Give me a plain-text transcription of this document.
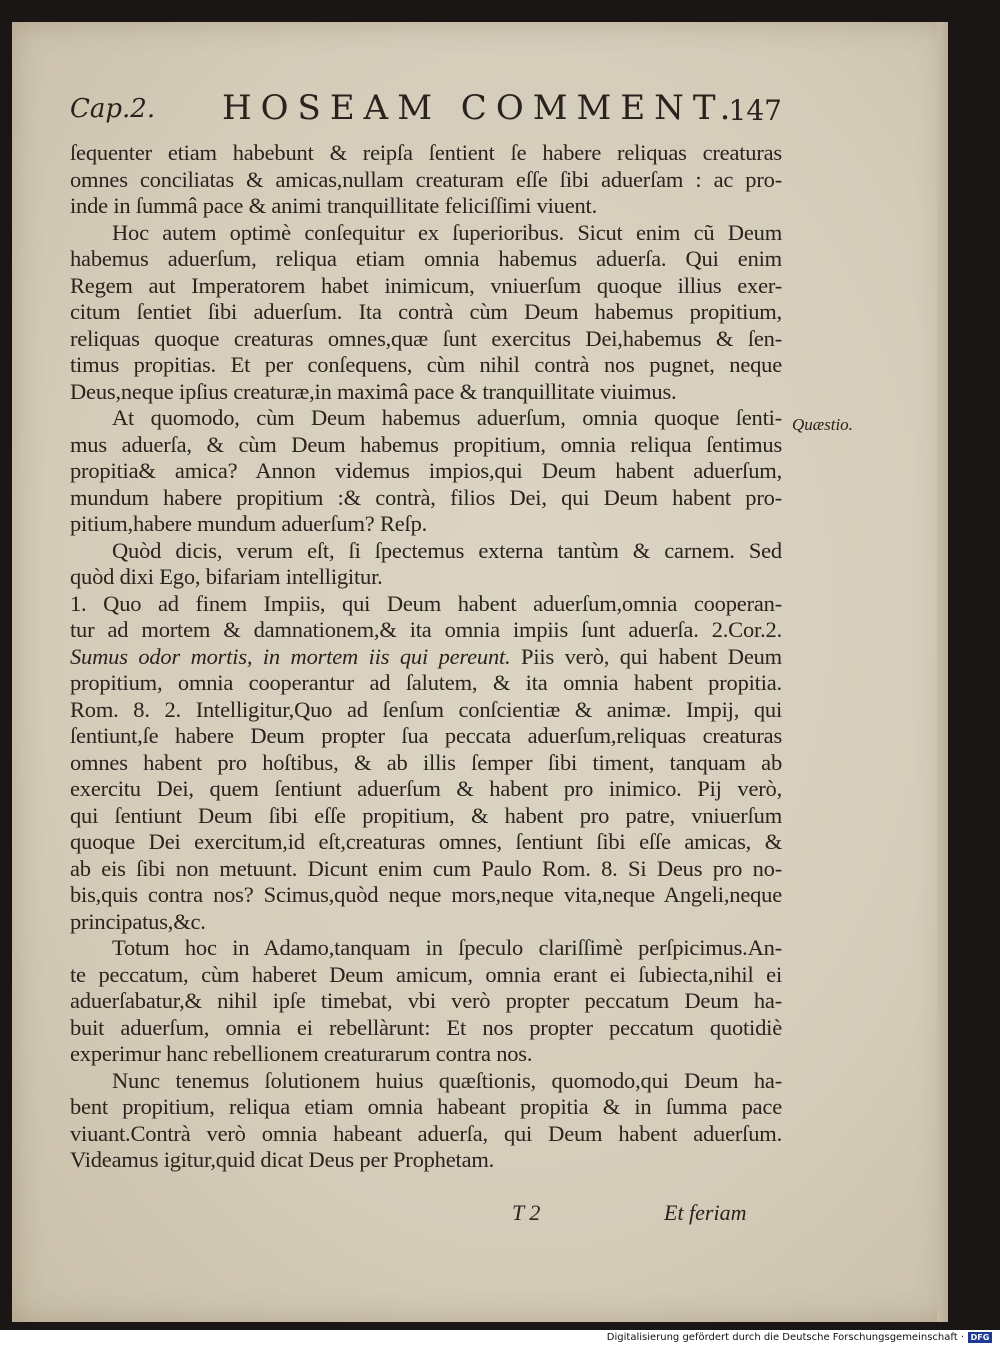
Cap.2. HOSEAM COMMENT.
147
ſequenter etiam habebunt & reipſa ſentient ſe habere reliquas creaturas
omnes conciliatas & amicas,nullam creaturam eſſe ſibi aduerſam : ac pro-
inde in ſummâ pace & animi tranquillitate feliciſſimi viuent.
Hoc autem optimè conſequitur ex ſuperioribus. Sicut enim cũ Deum
habemus aduerſum, reliqua etiam omnia habemus aduerſa. Qui enim
Regem aut Imperatorem habet inimicum, vniuerſum quoque illius exer-
citum ſentiet ſibi aduerſum. Ita contrà cùm Deum habemus propitium,
reliquas quoque creaturas omnes,quæ ſunt exercitus Dei,habemus & ſen-
timus propitias. Et per conſequens, cùm nihil contrà nos pugnet, neque
Deus,neque ipſius creaturæ,in maximâ pace & tranquillitate viuimus.
At quomodo, cùm Deum habemus aduerſum, omnia quoque ſenti-
mus aduerſa, & cùm Deum habemus propitium, omnia reliqua ſentimus
propitia& amica? Annon videmus impios,qui Deum habent aduerſum,
mundum habere propitium :& contrà, filios Dei, qui Deum habent pro-
pitium,habere mundum aduerſum? Reſp.
Quòd dicis, verum eſt, ſi ſpectemus externa tantùm & carnem. Sed
quòd dixi Ego, bifariam intelligitur.
1. Quo ad finem Impiis, qui Deum habent aduerſum,omnia cooperan-
tur ad mortem & damnationem,& ita omnia impiis ſunt aduerſa. 2.Cor.2.
Sumus odor mortis, in mortem iis qui pereunt. Piis verò, qui habent Deum
propitium, omnia cooperantur ad ſalutem, & ita omnia habent propitia.
Rom. 8. 2. Intelligitur,Quo ad ſenſum conſcientiæ & animæ. Impij, qui
ſentiunt,ſe habere Deum propter ſua peccata aduerſum,reliquas creaturas
omnes habent pro hoſtibus, & ab illis ſemper ſibi timent, tanquam ab
exercitu Dei, quem ſentiunt aduerſum & habent pro inimico. Pij verò,
qui ſentiunt Deum ſibi eſſe propitium, & habent pro patre, vniuerſum
quoque Dei exercitum,id eſt,creaturas omnes, ſentiunt ſibi eſſe amicas, &
ab eis ſibi non metuunt. Dicunt enim cum Paulo Rom. 8. Si Deus pro no-
bis,quis contra nos? Scimus,quòd neque mors,neque vita,neque Angeli,neque
principatus,&c.
Totum hoc in Adamo,tanquam in ſpeculo clariſſimè perſpicimus.An-
te peccatum, cùm haberet Deum amicum, omnia erant ei ſubiecta,nihil ei
aduerſabatur,& nihil ipſe timebat, vbi verò propter peccatum Deum ha-
buit aduerſum, omnia ei rebellàrunt: Et nos propter peccatum quotidiè
experimur hanc rebellionem creaturarum contra nos.
Nunc tenemus ſolutionem huius quæſtionis, quomodo,qui Deum ha-
bent propitium, reliqua etiam omnia habeant propitia & in ſumma pace
viuant.Contrà verò omnia habeant aduerſa, qui Deum habent aduerſum.
Videamus igitur,quid dicat Deus per Prophetam.
Quæstio.
T 2	Et feriam
Digitalisierung gefördert durch die Deutsche Forschungsgemeinschaft · DFG
